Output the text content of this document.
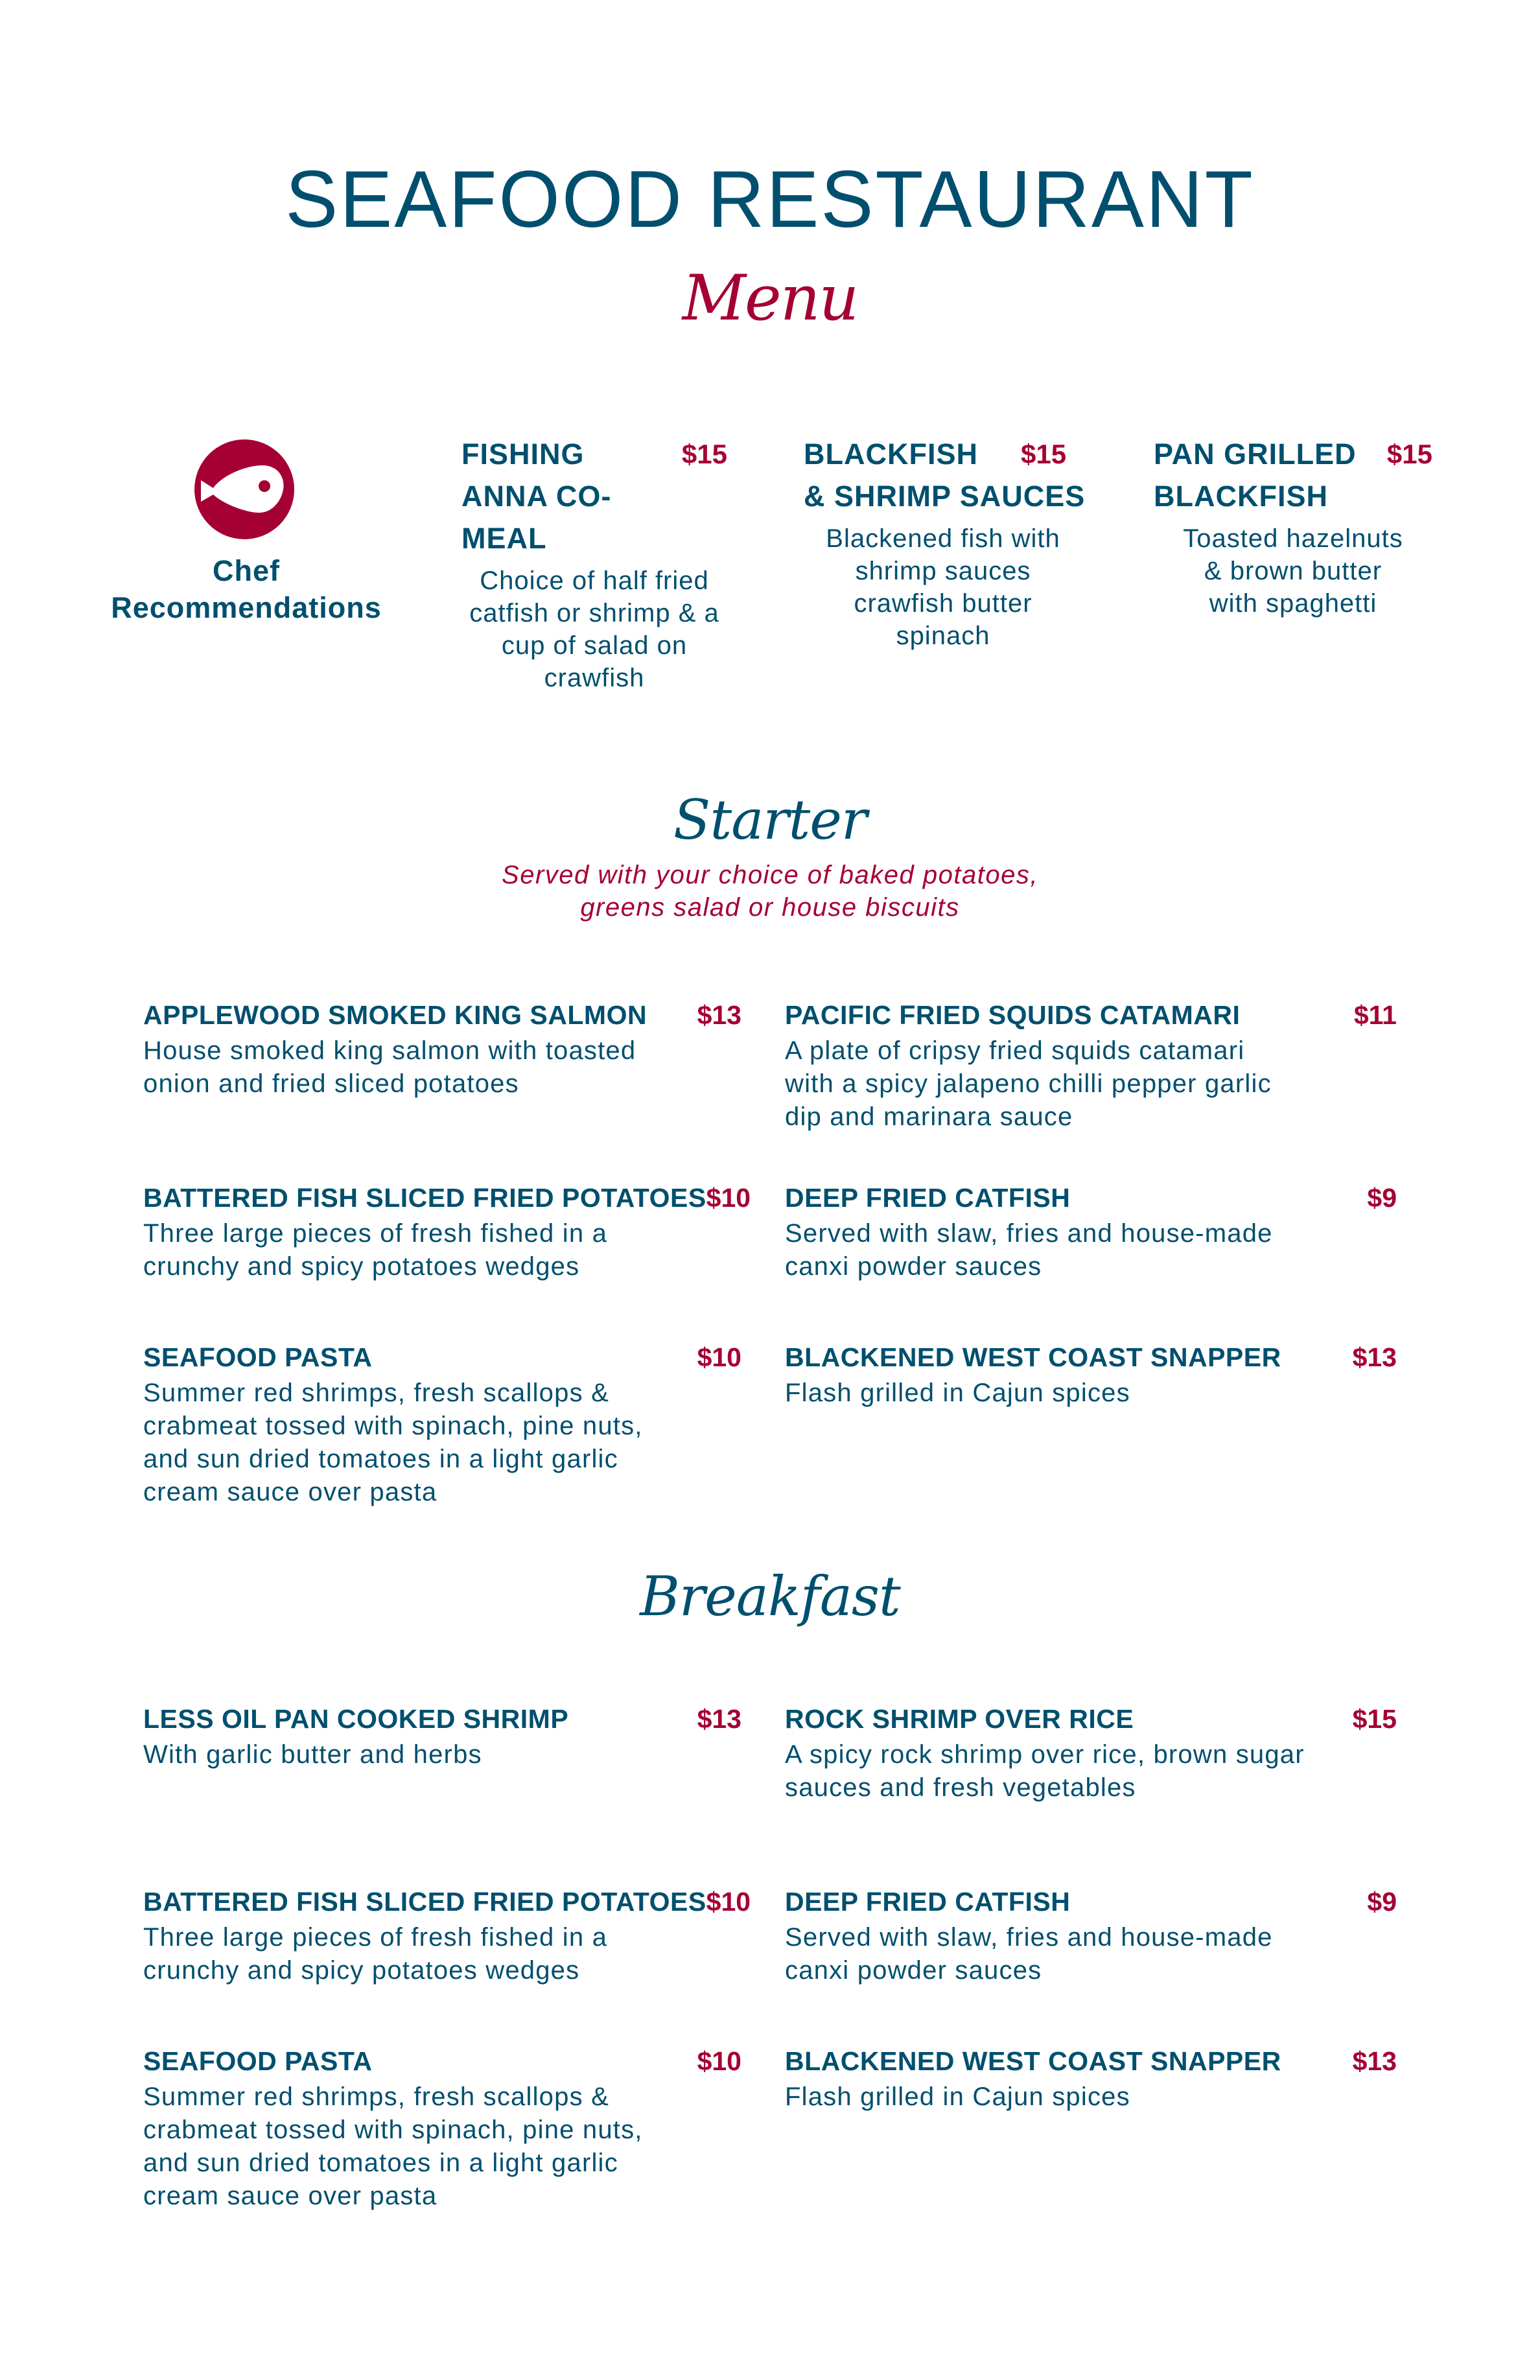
SEAFOOD RESTAURANT
Menu
Chef
Recommendations
FISHING
ANNA CO-MEAL
$15
Choice of half fried
catfish or shrimp & a
cup of salad on
crawfish
BLACKFISH
& SHRIMP SAUCES
$15
Blackened fish with
shrimp sauces
crawfish butter
spinach
PAN GRILLED
BLACKFISH
$15
Toasted hazelnuts
& brown butter
with spaghetti
Starter
Served with your choice of baked potatoes,
greens salad or house biscuits
APPLEWOOD SMOKED KING SALMON $13
House smoked king salmon with toasted
onion and fried sliced potatoes
PACIFIC FRIED SQUIDS CATAMARI	$11
A plate of cripsy fried squids catamari
with a spicy jalapeno chilli pepper garlic
dip and marinara sauce
BATTERED FISH SLICED FRIED POTATOES $10
Three large pieces of fresh fished in a
crunchy and spicy potatoes wedges
DEEP FRIED CATFISH	$9
Served with slaw, fries and house-made
canxi powder sauces
SEAFOOD PASTA	$10
Summer red shrimps, fresh scallops &
crabmeat tossed with spinach, pine nuts,
and sun dried tomatoes in a light garlic
cream sauce over pasta
BLACKENED WEST COAST SNAPPER	$13
Flash grilled in Cajun spices
Breakfast
LESS OIL PAN COOKED SHRIMP	$13
With garlic butter and herbs
ROCK SHRIMP OVER RICE	$15
A spicy rock shrimp over rice, brown sugar
sauces and fresh vegetables
BATTERED FISH SLICED FRIED POTATOES $10
Three large pieces of fresh fished in a
crunchy and spicy potatoes wedges
DEEP FRIED CATFISH	$9
Served with slaw, fries and house-made
canxi powder sauces
SEAFOOD PASTA	$10
Summer red shrimps, fresh scallops &
crabmeat tossed with spinach, pine nuts,
and sun dried tomatoes in a light garlic
cream sauce over pasta
BLACKENED WEST COAST SNAPPER	$13
Flash grilled in Cajun spices
